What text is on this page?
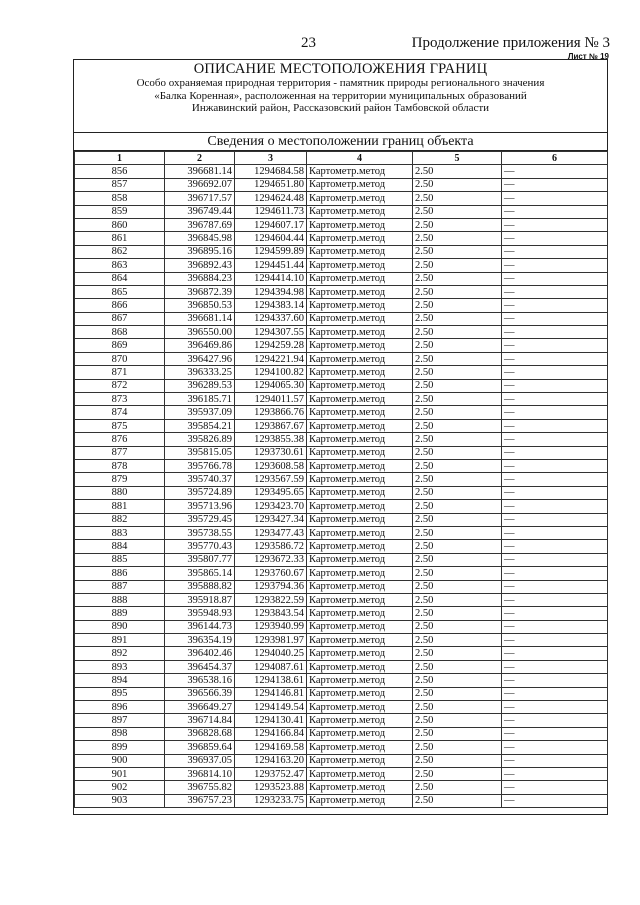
23	Продолжение приложения № 3
Лист № 19
ОПИСАНИЕ МЕСТОПОЛОЖЕНИЯ ГРАНИЦ
Особо охраняемая природная территория - памятник природы регионального значения
«Балка Коренная», расположенная на территории муниципальных образований
Инжавинский район, Рассказовский район Тамбовской области
Сведения о местоположении границ объекта
1	2	3	4	5	6
856	396681.14	1294684.58	Картометр.метод	2.50	—
857	396692.07	1294651.80	Картометр.метод	2.50	—
858	396717.57	1294624.48	Картометр.метод	2.50	—
859	396749.44	1294611.73	Картометр.метод	2.50	—
860	396787.69	1294607.17	Картометр.метод	2.50	—
861	396845.98	1294604.44	Картометр.метод	2.50	—
862	396895.16	1294599.89	Картометр.метод	2.50	—
863	396892.43	1294451.44	Картометр.метод	2.50	—
864	396884.23	1294414.10	Картометр.метод	2.50	—
865	396872.39	1294394.98	Картометр.метод	2.50	—
866	396850.53	1294383.14	Картометр.метод	2.50	—
867	396681.14	1294337.60	Картометр.метод	2.50	—
868	396550.00	1294307.55	Картометр.метод	2.50	—
869	396469.86	1294259.28	Картометр.метод	2.50	—
870	396427.96	1294221.94	Картометр.метод	2.50	—
871	396333.25	1294100.82	Картометр.метод	2.50	—
872	396289.53	1294065.30	Картометр.метод	2.50	—
873	396185.71	1294011.57	Картометр.метод	2.50	—
874	395937.09	1293866.76	Картометр.метод	2.50	—
875	395854.21	1293867.67	Картометр.метод	2.50	—
876	395826.89	1293855.38	Картометр.метод	2.50	—
877	395815.05	1293730.61	Картометр.метод	2.50	—
878	395766.78	1293608.58	Картометр.метод	2.50	—
879	395740.37	1293567.59	Картометр.метод	2.50	—
880	395724.89	1293495.65	Картометр.метод	2.50	—
881	395713.96	1293423.70	Картометр.метод	2.50	—
882	395729.45	1293427.34	Картометр.метод	2.50	—
883	395738.55	1293477.43	Картометр.метод	2.50	—
884	395770.43	1293586.72	Картометр.метод	2.50	—
885	395807.77	1293672.33	Картометр.метод	2.50	—
886	395865.14	1293760.67	Картометр.метод	2.50	—
887	395888.82	1293794.36	Картометр.метод	2.50	—
888	395918.87	1293822.59	Картометр.метод	2.50	—
889	395948.93	1293843.54	Картометр.метод	2.50	—
890	396144.73	1293940.99	Картометр.метод	2.50	—
891	396354.19	1293981.97	Картометр.метод	2.50	—
892	396402.46	1294040.25	Картометр.метод	2.50	—
893	396454.37	1294087.61	Картометр.метод	2.50	—
894	396538.16	1294138.61	Картометр.метод	2.50	—
895	396566.39	1294146.81	Картометр.метод	2.50	—
896	396649.27	1294149.54	Картометр.метод	2.50	—
897	396714.84	1294130.41	Картометр.метод	2.50	—
898	396828.68	1294166.84	Картометр.метод	2.50	—
899	396859.64	1294169.58	Картометр.метод	2.50	—
900	396937.05	1294163.20	Картометр.метод	2.50	—
901	396814.10	1293752.47	Картометр.метод	2.50	—
902	396755.82	1293523.88	Картометр.метод	2.50	—
903	396757.23	1293233.75	Картометр.метод	2.50	—
